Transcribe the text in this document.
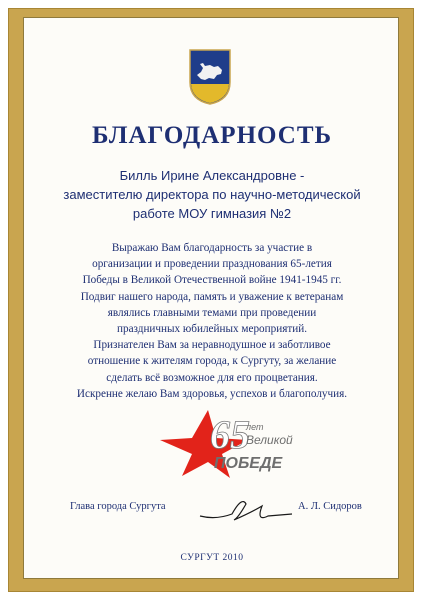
БЛАГОДАРНОСТЬ
Билль Ирине Александровне -
заместителю директора по научно-методической
работе МОУ гимназия №2
Выражаю Вам благодарность за участие в
организации и проведении празднования 65-летия
Победы в Великой Отечественной войне 1941-1945 гг.
Подвиг нашего народа, память и уважение к ветеранам
являлись главными темами при проведении
праздничных юбилейных мероприятий.
Признателен Вам за неравнодушное и заботливое
отношение к жителям города, к Сургуту, за желание
сделать всё возможное для его процветания.
Искренне желаю Вам здоровья, успехов и благополучия.
65
лет
Великой
ПОБЕДЕ
Глава города Сургута	А. Л. Сидоров
СУРГУТ 2010
